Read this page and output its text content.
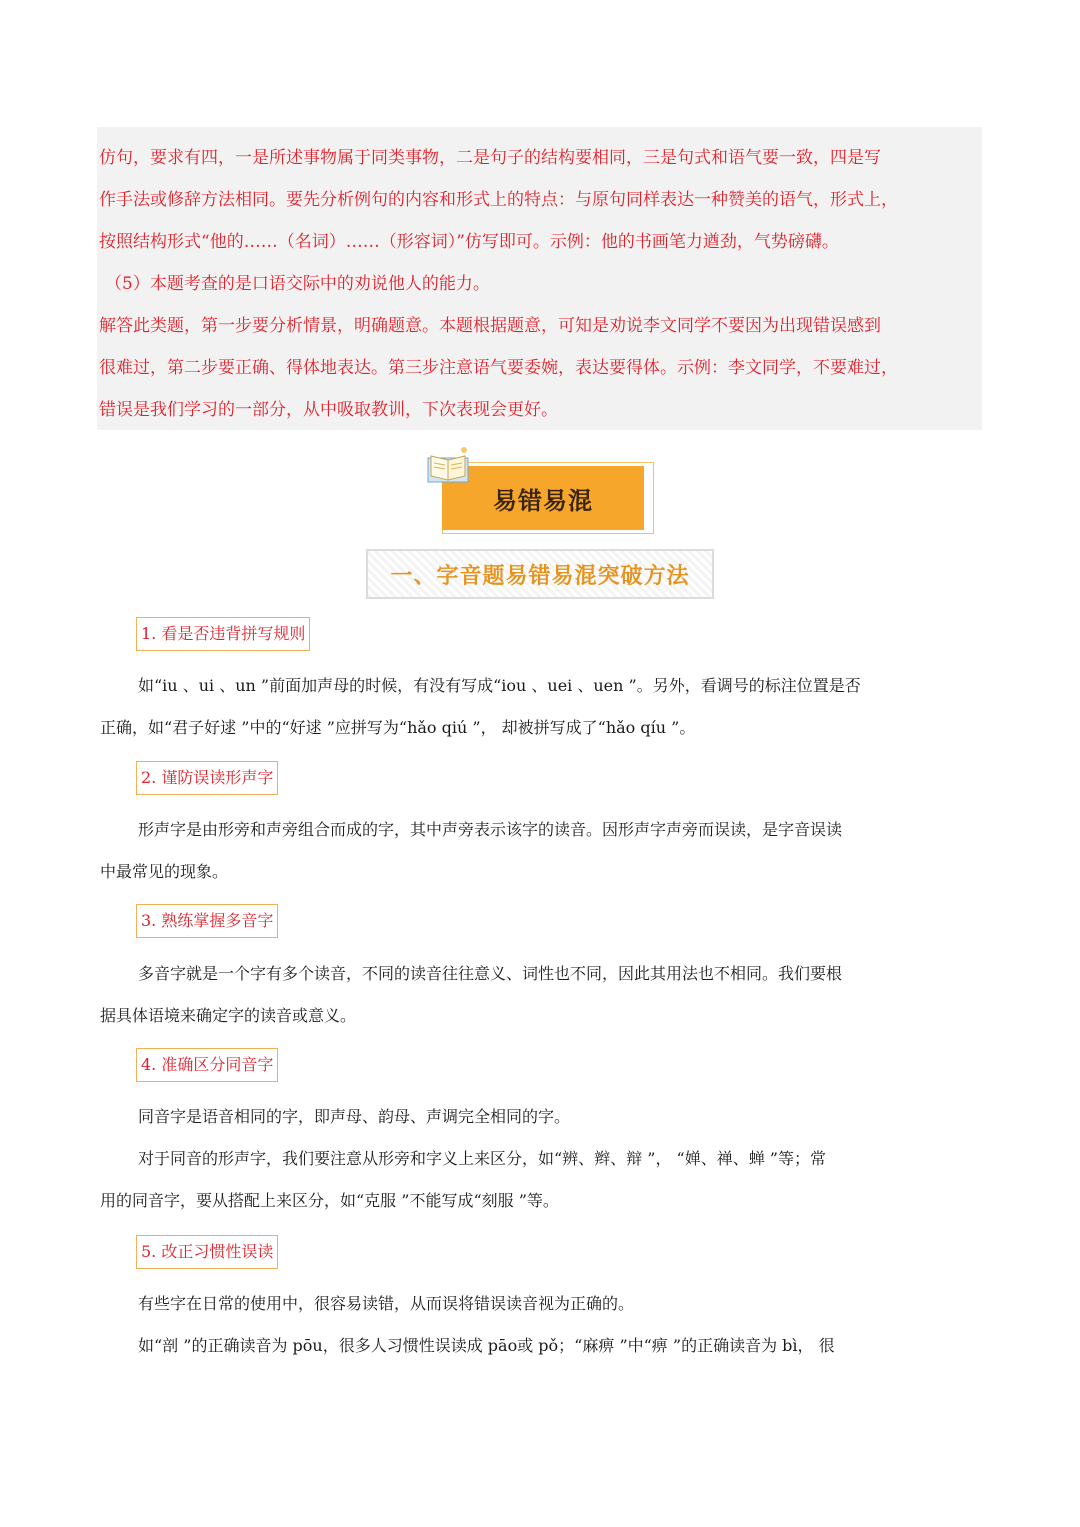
仿句，要求有四，一是所述事物属于同类事物，二是句子的结构要相同，三是句式和语气要一致，四是写

作手法或修辞方法相同。要先分析例句的内容和形式上的特点：与原句同样表达一种赞美的语气，形式上，

按照结构形式“他的……（名词）……（形容词）”仿写即可。示例：他的书画笔力遒劲，气势磅礴。

（5）本题考查的是口语交际中的劝说他人的能力。

解答此类题，第一步要分析情景，明确题意。本题根据题意，可知是劝说李文同学不要因为出现错误感到

很难过，第二步要正确、得体地表达。第三步注意语气要委婉，表达要得体。示例：李文同学，不要难过，

错误是我们学习的一部分，从中吸取教训，下次表现会更好。

易错易混
一、字音题易错易混突破方法
1. 看是否违背拼写规则
如“iu 、ui 、un ”前面加声母的时候，有没有写成“iou 、uei 、uen ”。另外，看调号的标注位置是否
正确，如“君子好逑 ”中的“好逑 ”应拼写为“hǎo qiú ”， 却被拼写成了“hǎo qíu ”。
2. 谨防误读形声字
形声字是由形旁和声旁组合而成的字，其中声旁表示该字的读音。因形声字声旁而误读，是字音误读
中最常见的现象。
3. 熟练掌握多音字
多音字就是一个字有多个读音，不同的读音往往意义、词性也不同，因此其用法也不相同。我们要根
据具体语境来确定字的读音或意义。
4. 准确区分同音字
同音字是语音相同的字，即声母、韵母、声调完全相同的字。
对于同音的形声字，我们要注意从形旁和字义上来区分，如“辨、辫、辩 ”， “婵、禅、蝉 ”等；常
用的同音字，要从搭配上来区分，如“克服 ”不能写成“刻服 ”等。
5. 改正习惯性误读
有些字在日常的使用中，很容易读错，从而误将错误读音视为正确的。
如“剖 ”的正确读音为 pōu，很多人习惯性误读成 pāo或 pǒ；“麻痹 ”中“痹 ”的正确读音为 bì， 很
